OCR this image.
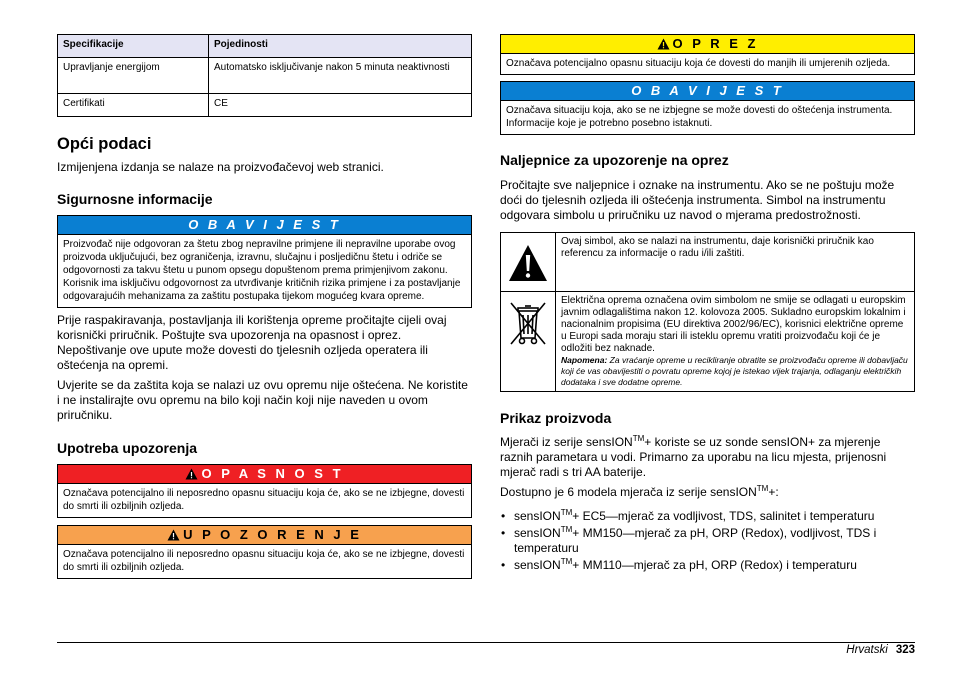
Specifikacije	Pojedinosti
Upravljanje energijom	Automatsko isključivanje nakon 5 minuta neaktivnosti
Certifikati	CE
Opći podaci

Izmijenjena izdanja se nalaze na proizvođačevoj web stranici.

Sigurnosne informacije
O B A V I J E S T
Proizvođač nije odgovoran za štetu zbog nepravilne primjene ili nepravilne uporabe ovog proizvoda uključujući, bez ograničenja, izravnu, slučajnu i posljedičnu štetu i odriče se odgovornosti za takvu štetu u punom opsegu dopuštenom prema primjenjivom zakonu. Korisnik ima isključivu odgovornost za utvrđivanje kritičnih rizika primjene i za postavljanje odgovarajućih mehanizama za zaštitu postupaka tijekom mogućeg kvara opreme.

Prije raspakiravanja, postavljanja ili korištenja opreme pročitajte cijeli ovaj korisnički priručnik. Poštujte sva upozorenja na opasnost i oprez. Nepoštivanje ove upute može dovesti do tjelesnih ozljeda operatera ili oštećenja na opremi.

Uvjerite se da zaštita koja se nalazi uz ovu opremu nije oštećena. Ne koristite i ne instalirajte ovu opremu na bilo koji način koji nije naveden u ovom priručniku.

Upotreba upozorenja
O P A S N O S T
Označava potencijalno ili neposredno opasnu situaciju koja će, ako se ne izbjegne, dovesti do smrti ili ozbiljnih ozljeda.
U P O Z O R E N J E
Označava potencijalno ili neposredno opasnu situaciju koja će, ako se ne izbjegne, dovesti do smrti ili ozbiljnih ozljeda.
O P R E Z
Označava potencijalno opasnu situaciju koja će dovesti do manjih ili umjerenih ozljeda.
O B A V I J E S T
Označava situaciju koja, ako se ne izbjegne se može dovesti do oštećenja instrumenta. Informacije koje je potrebno posebno istaknuti.
Naljepnice za upozorenje na oprez

Pročitajte sve naljepnice i oznake na instrumentu. Ako se ne poštuju može doći do tjelesnih ozljeda ili oštećenja instrumenta. Simbol na instrumentu odgovara simbolu u priručniku uz navod o mjerama predostrožnosti.

	Ovaj simbol, ako se nalazi na instrumentu, daje korisnički priručnik kao referencu za informacije o radu i/ili zaštiti.
	Električna oprema označena ovim simbolom ne smije se odlagati u europskim javnim odlagalištima nakon 12. kolovoza 2005. Sukladno europskim lokalnim i nacionalnim propisima (EU direktiva 2002/96/EC), korisnici električne opreme u Europi sada moraju stari ili isteklu opremu vratiti proizvođaču koji će je odložiti bez naknade.
Napomena: Za vraćanje opreme u recikliranje obratite se proizvođaču opreme ili dobavljaču koji će vas obavijestiti o povratu opreme kojoj je istekao vijek trajanja, odlaganju električkih dodataka i sve dodatne opreme.
Prikaz proizvoda

Mjerači iz serije sensION™+ koriste se uz sonde sensION+ za mjerenje raznih parametara u vodi. Primarno za uporabu na licu mjesta, prijenosni mjerač radi s tri AA baterije.

Dostupno je 6 modela mjerača iz serije sensION™+:

• sensION™+ EC5—mjerač za vodljivost, TDS, salinitet i temperaturu
• sensION™+ MM150—mjerač za pH, ORP (Redox), vodljivost, TDS i temperaturu
• sensION™+ MM110—mjerač za pH, ORP (Redox) i temperaturu
Hrvatski 323
